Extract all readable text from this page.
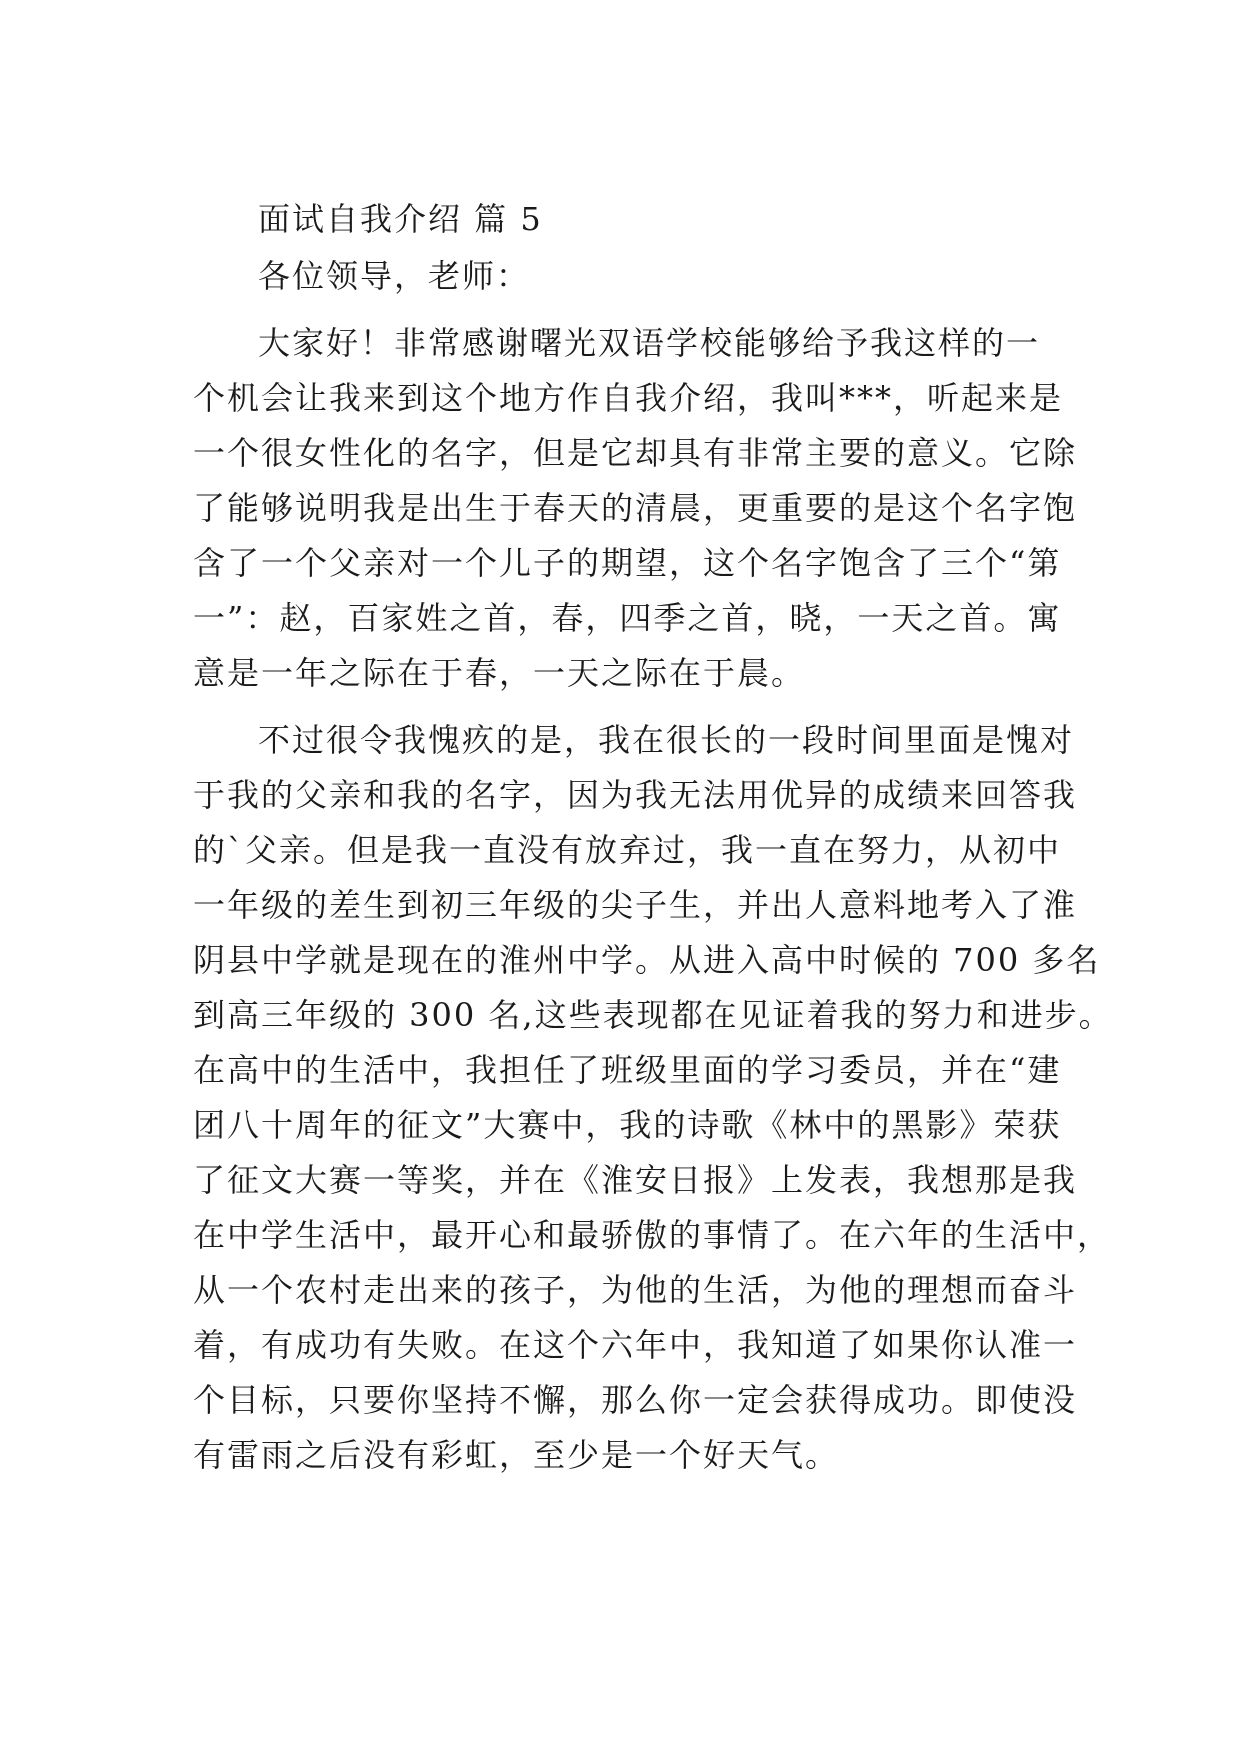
面试自我介绍 篇 5
各位领导，老师：
大家好！非常感谢曙光双语学校能够给予我这样的一
个机会让我来到这个地方作自我介绍，我叫***，听起来是
一个很女性化的名字，但是它却具有非常主要的意义。它除
了能够说明我是出生于春天的清晨，更重要的是这个名字饱
含了一个父亲对一个儿子的期望，这个名字饱含了三个“第
一”：赵，百家姓之首，春，四季之首，晓，一天之首。寓
意是一年之际在于春，一天之际在于晨。
不过很令我愧疚的是，我在很长的一段时间里面是愧对
于我的父亲和我的名字，因为我无法用优异的成绩来回答我
的`父亲。但是我一直没有放弃过，我一直在努力，从初中
一年级的差生到初三年级的尖子生，并出人意料地考入了淮
阴县中学就是现在的淮州中学。从进入高中时候的 700 多名
到高三年级的 300 名,这些表现都在见证着我的努力和进步。
在高中的生活中，我担任了班级里面的学习委员，并在“建
团八十周年的征文”大赛中，我的诗歌《林中的黑影》荣获
了征文大赛一等奖，并在《淮安日报》上发表，我想那是我
在中学生活中，最开心和最骄傲的事情了。在六年的生活中，
从一个农村走出来的孩子，为他的生活，为他的理想而奋斗
着，有成功有失败。在这个六年中，我知道了如果你认准一
个目标，只要你坚持不懈，那么你一定会获得成功。即使没
有雷雨之后没有彩虹，至少是一个好天气。
